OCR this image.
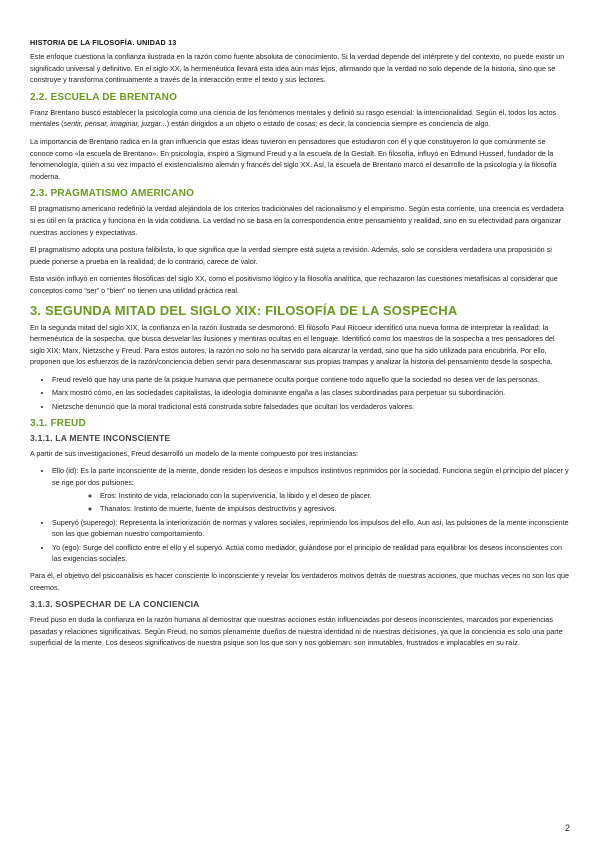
HISTORIA DE LA FILOSOFÍA. UNIDAD 13

Este enfoque cuestiona la confianza ilustrada en la razón como fuente absoluta de conocimiento. Si la verdad depende del intérprete y del contexto, no puede existir un significado universal y definitivo. En el siglo XX, la hermenéutica llevará esta idea aún más lejos, afirmando que la verdad no solo depende de la historia, sino que se construye y transforma continuamente a través de la interacción entre el texto y sus lectores.

2.2. ESCUELA DE BRENTANO

Franz Brentano buscó establecer la psicología como una ciencia de los fenómenos mentales y definió su rasgo esencial: la intencionalidad. Según él, todos los actos mentales (sentir, pensar, imaginar, juzgar...) están dirigidos a un objeto o estado de cosas; es decir, la conciencia siempre es conciencia de algo.

La importancia de Brentano radica en la gran influencia que estas ideas tuvieron en pensadores que estudiaron con él y que constituyeron lo que comúnmente se conoce como «la escuela de Brentano». En psicología, inspiró a Sigmund Freud y a la escuela de la Gestalt. En filosofía, influyó en Edmund Husserl, fundador de la fenomenología, quien a su vez impactó el existencialismo alemán y francés del siglo XX. Así, la escuela de Brentano marcó el desarrollo de la psicología y la filosofía moderna.

2.3. PRAGMATISMO AMERICANO

El pragmatismo americano redefinió la verdad alejándola de los criterios tradicionales del racionalismo y el empirismo. Según esta corriente, una creencia es verdadera si es útil en la práctica y funciona en la vida cotidiana. La verdad no se basa en la correspondencia entre pensamiento y realidad, sino en su efectividad para organizar nuestras acciones y expectativas.

El pragmatismo adopta una postura falibilista, lo que significa que la verdad siempre está sujeta a revisión. Además, solo se considera verdadera una proposición si puede ponerse a prueba en la realidad; de lo contrario, carece de valor.

Esta visión influyó en corrientes filosóficas del siglo XX, como el positivismo lógico y la filosofía analítica, que rechazaron las cuestiones metafísicas al considerar que conceptos como “ser” o “bien” no tienen una utilidad práctica real.

3. SEGUNDA MITAD DEL SIGLO XIX: FILOSOFÍA DE LA SOSPECHA

En la segunda mitad del siglo XIX, la confianza en la razón ilustrada se desmoronó. El filósofo Paul Ricoeur identificó una nueva forma de interpretar la realidad: la hermenéutica de la sospecha, que busca desvelar las ilusiones y mentiras ocultas en el lenguaje. Identificó como los maestros de la sospecha a tres pensadores del siglo XIX: Marx, Nietzsche y Freud. Para estos autores, la razón no solo no ha servido para alcanzar la verdad, sino que ha sido utilizada para encubrirla. Por ello, proponen que los esfuerzos de la razón/conciencia deben servir para desenmascarar sus propias trampas y analizar la historia del pensamiento desde la sospecha.

• Freud reveló que hay una parte de la psique humana que permanece oculta porque contiene todo aquello que la sociedad no desea ver de las personas.
• Marx mostró cómo, en las sociedades capitalistas, la ideología dominante engaña a las clases subordinadas para perpetuar su subordinación.
• Nietzsche denunció que la moral tradicional está construida sobre falsedades que ocultan los verdaderos valores.
3.1. FREUD
3.1.1. LA MENTE INCONSCIENTE

A partir de sus investigaciones, Freud desarrolló un modelo de la mente compuesto por tres instancias:

• Ello (id): Es la parte inconsciente de la mente, donde residen los deseos e impulsos instintivos reprimidos por la sociedad. Funciona según el principio del placer y se rige por dos pulsiones:
◦ Eros: Instinto de vida, relacionado con la supervivencia, la libido y el deseo de placer.
◦ Thanatos: Instinto de muerte, fuente de impulsos destructivos y agresivos.
• Superyó (superego): Representa la interiorización de normas y valores sociales, reprimiendo los impulsos del ello. Aun así, las pulsiones de la mente inconsciente son las que gobiernan nuestro comportamiento.
• Yo (ego): Surge del conflicto entre el ello y el superyó. Actúa como mediador, guiándose por el principio de realidad para equilibrar los deseos inconscientes con las exigencias sociales.

Para él, el objetivo del psicoanálisis es hacer consciente lo inconsciente y revelar los verdaderos motivos detrás de nuestras acciones, que muchas veces no son los que creemos.

3.1.3. SOSPECHAR DE LA CONCIENCIA

Freud puso en duda la confianza en la razón humana al demostrar que nuestras acciones están influenciadas por deseos inconscientes, marcados por experiencias pasadas y relaciones significativas. Según Freud, no somos plenamente dueños de nuestra identidad ni de nuestras decisiones, ya que la conciencia es solo una parte superficial de la mente. Los deseos significativos de nuestra psique son los que son y nos gobiernan: son inmutables, frustrados e implacables en su raíz.

2
